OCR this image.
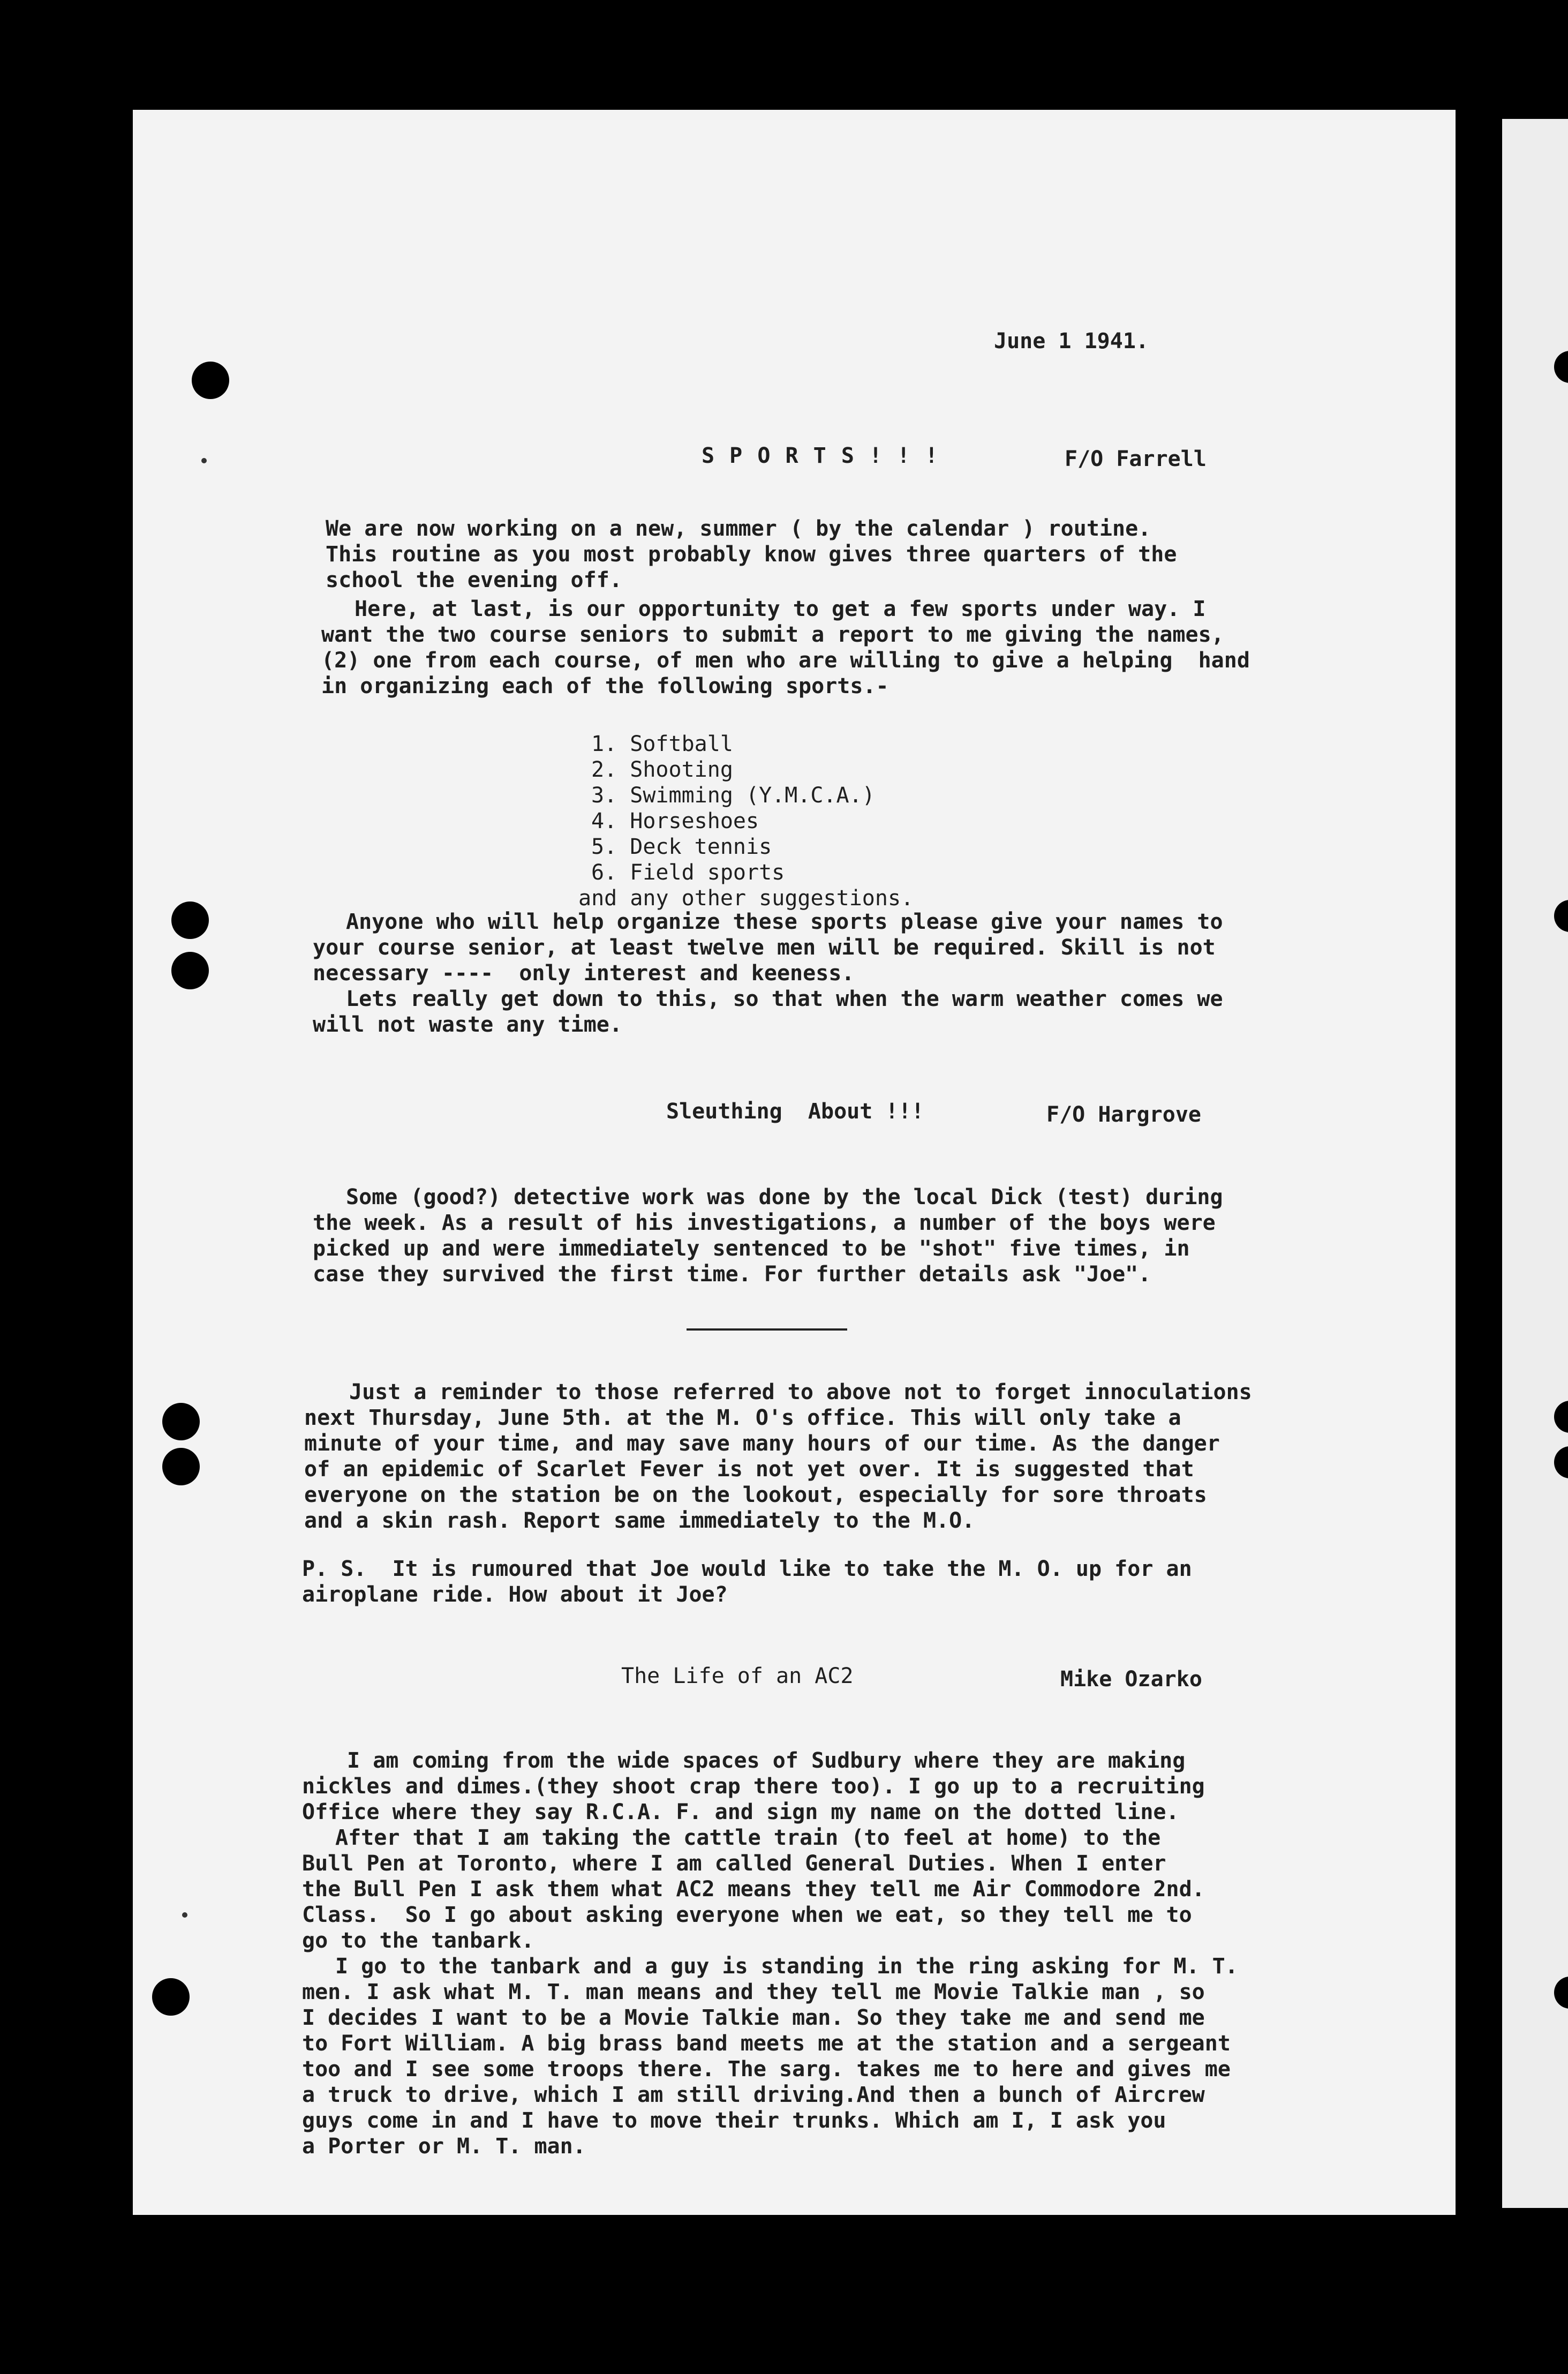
June 1 1941.
S P O R T S ! ! !	F/O Farrell
We are now working on a new, summer ( by the calendar ) routine.
This routine as you most probably know gives three quarters of the
school the evening off.
Here, at last, is our opportunity to get a few sports under way. I
want the two course seniors to submit a report to me giving the names,
(2) one from each course, of men who are willing to give a helping  hand
in organizing each of the following sports.-
1. Softball
2. Shooting
3. Swimming (Y.M.C.A.)
4. Horseshoes
5. Deck tennis
6. Field sports
and any other suggestions.
Anyone who will help organize these sports please give your names to
your course senior, at least twelve men will be required. Skill is not
necessary ----  only interest and keeness.
Lets really get down to this, so that when the warm weather comes we
will not waste any time.
Sleuthing  About !!!	F/O Hargrove
Some (good?) detective work was done by the local Dick (test) during
the week. As a result of his investigations, a number of the boys were
picked up and were immediately sentenced to be "shot" five times, in
case they survived the first time. For further details ask "Joe".
Just a reminder to those referred to above not to forget innoculations
next Thursday, June 5th. at the M. O's office. This will only take a
minute of your time, and may save many hours of our time. As the danger
of an epidemic of Scarlet Fever is not yet over. It is suggested that
everyone on the station be on the lookout, especially for sore throats
and a skin rash. Report same immediately to the M.O.
P. S.  It is rumoured that Joe would like to take the M. O. up for an
airoplane ride. How about it Joe?
The Life of an AC2	Mike Ozarko
I am coming from the wide spaces of Sudbury where they are making
nickles and dimes.(they shoot crap there too). I go up to a recruiting
Office where they say R.C.A. F. and sign my name on the dotted line.
After that I am taking the cattle train (to feel at home) to the
Bull Pen at Toronto, where I am called General Duties. When I enter
the Bull Pen I ask them what AC2 means they tell me Air Commodore 2nd.
Class.  So I go about asking everyone when we eat, so they tell me to
go to the tanbark.
I go to the tanbark and a guy is standing in the ring asking for M. T.
men. I ask what M. T. man means and they tell me Movie Talkie man , so
I decides I want to be a Movie Talkie man. So they take me and send me
to Fort William. A big brass band meets me at the station and a sergeant
too and I see some troops there. The sarg. takes me to here and gives me
a truck to drive, which I am still driving.And then a bunch of Aircrew
guys come in and I have to move their trunks. Which am I, I ask you
a Porter or M. T. man.
